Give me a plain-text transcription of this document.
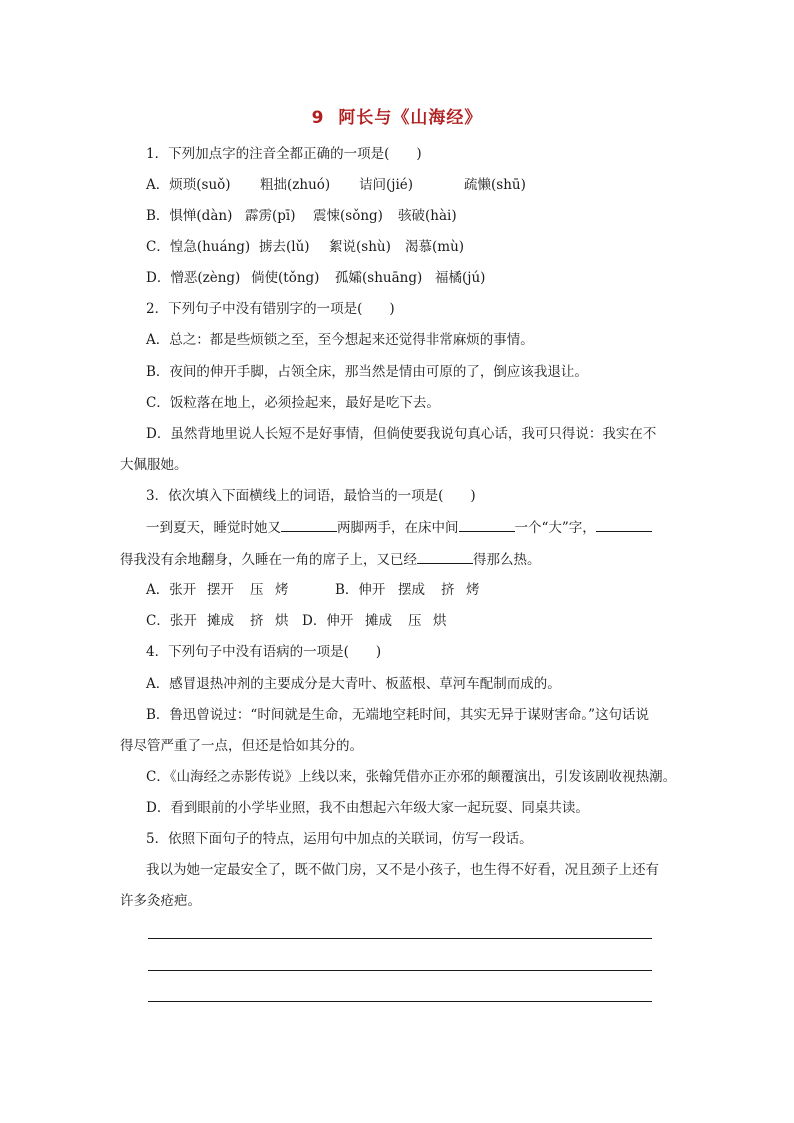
9 阿长与《山海经》
1．下列加点字的注音全都正确的一项是(　　)
A．烦琐(suǒ) 粗拙(zhuó) 诘问(jié)	疏懒(shū)
B．惧惮(dàn) 霹雳(pī) 震悚(sǒng) 骇破(hài)
C．惶急(huáng) 掳去(lǔ) 絮说(shù) 渴慕(mù)
D．憎恶(zèng) 倘使(tǒng) 孤孀(shuāng) 福橘(jú)
2．下列句子中没有错别字的一项是(　　)
A．总之：都是些烦锁之至，至今想起来还觉得非常麻烦的事情。
B．夜间的伸开手脚，占领全床，那当然是情由可原的了，倒应该我退让。
C．饭粒落在地上，必须捡起来，最好是吃下去。
D．虽然背地里说人长短不是好事情，但倘使要我说句真心话，我可只得说：我实在不
大佩服她。
3．依次填入下面横线上的词语，最恰当的一项是(　　)
一到夏天，睡觉时她又	两脚两手，在床中间	一个“大”字，
得我没有余地翻身，久睡在一角的席子上，又已经	得那么热。
A．张开 摆开 压 烤	B．伸开 摆成 挤 烤
C．张开 摊成 挤 烘 D．伸开 摊成 压 烘
4．下列句子中没有语病的一项是(　　)
A．感冒退热冲剂的主要成分是大青叶、板蓝根、草河车配制而成的。
B．鲁迅曾说过：“时间就是生命，无端地空耗时间，其实无异于谋财害命。”这句话说
得尽管严重了一点，但还是恰如其分的。
C．《山海经之赤影传说》上线以来，张翰凭借亦正亦邪的颠覆演出，引发该剧收视热潮。
D．看到眼前的小学毕业照，我不由想起六年级大家一起玩耍、同桌共读。
5．依照下面句子的特点，运用句中加点的关联词，仿写一段话。
我以为她一定最安全了，既不做门房，又不是小孩子，也生得不好看，况且颈子上还有
许多灸疮疤。
